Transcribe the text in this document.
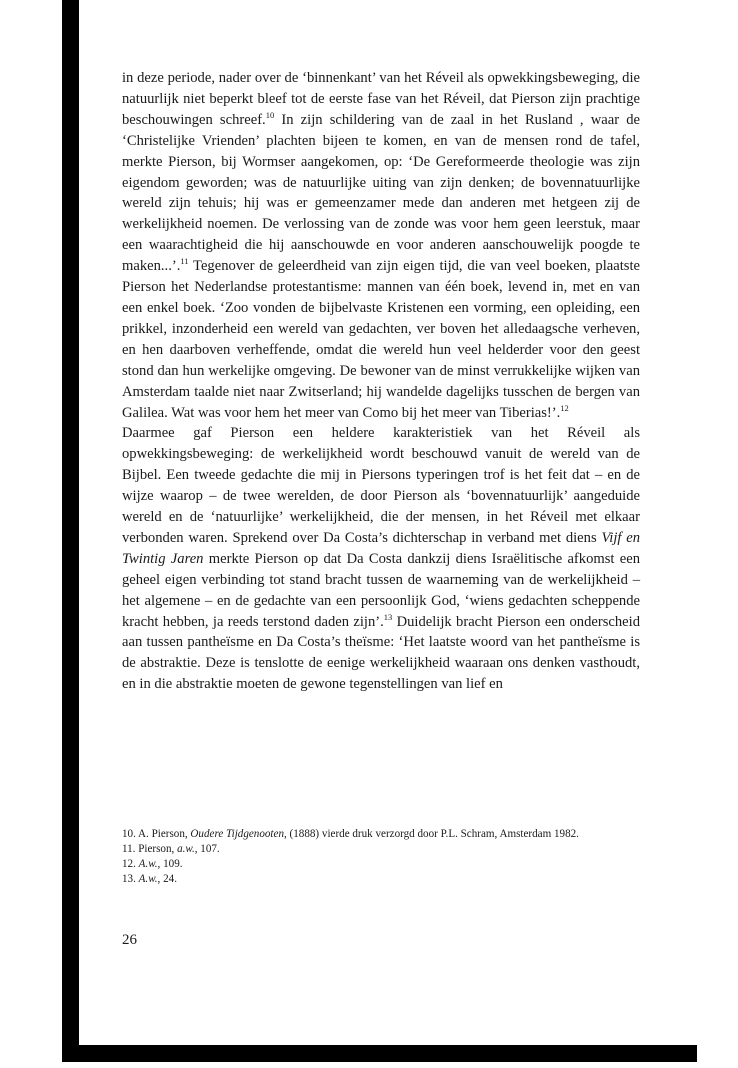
in deze periode, nader over de ‘binnenkant’ van het Réveil als opwekkingsbeweging, die natuurlijk niet beperkt bleef tot de eerste fase van het Réveil, dat Pierson zijn prachtige beschouwingen schreef.$^{10}$ In zijn schildering van de zaal in het Rusland , waar de ‘Christelijke Vrienden’ plachten bijeen te komen, en van de mensen rond de tafel, merkte Pierson, bij Wormser aangekomen, op: ‘De Gereformeerde theologie was zijn eigendom geworden; was de natuurlijke uiting van zijn denken; de bovennatuurlijke wereld zijn tehuis; hij was er gemeenzamer mede dan anderen met hetgeen zij de werkelijkheid noemen. De verlossing van de zonde was voor hem geen leerstuk, maar een waarachtigheid die hij aanschouwde en voor anderen aanschouwelijk poogde te maken...’.$^{11}$ Tegenover de geleerdheid van zijn eigen tijd, die van veel boeken, plaatste Pierson het Nederlandse protestantisme: mannen van één boek, levend in, met en van een enkel boek. ‘Zoo vonden de bijbelvaste Kristenen een vorming, een opleiding, een prikkel, inzonderheid een wereld van gedachten, ver boven het alledaagsche verheven, en hen daarboven verheffende, omdat die wereld hun veel helderder voor den geest stond dan hun werkelijke omgeving. De bewoner van de minst verrukkelijke wijken van Amsterdam taalde niet naar Zwitserland; hij wandelde dagelijks tusschen de bergen van Galilea. Wat was voor hem het meer van Como bij het meer van Tiberias!’.$^{12}$

Daarmee gaf Pierson een heldere karakteristiek van het Réveil als opwekkingsbeweging: de werkelijkheid wordt beschouwd vanuit de wereld van de Bijbel. Een tweede gedachte die mij in Piersons typeringen trof is het feit dat – en de wijze waarop – de twee werelden, de door Pierson als ‘bovennatuurlijk’ aangeduide wereld en de ‘natuurlijke’ werkelijkheid, die der mensen, in het Réveil met elkaar verbonden waren. Sprekend over Da Costa’s dichterschap in verband met diens Vijf en Twintig Jaren merkte Pierson op dat Da Costa dankzij diens Israëlitische afkomst een geheel eigen verbinding tot stand bracht tussen de waarneming van de werkelijkheid – het algemene – en de gedachte van een persoonlijk God, ‘wiens gedachten scheppende kracht hebben, ja reeds terstond daden zijn’.$^{13}$ Duidelijk bracht Pierson een onderscheid aan tussen pantheïsme en Da Costa’s theïsme: ‘Het laatste woord van het pantheïsme is de abstraktie. Deze is tenslotte de eenige werkelijkheid waaraan ons denken vasthoudt, en in die abstraktie moeten de gewone tegenstellingen van lief en

10. A. Pierson, Oudere Tijdgenooten, (1888) vierde druk verzorgd door P.L. Schram, Amsterdam 1982.
11. Pierson, a.w., 107.
12. A.w., 109.
13. A.w., 24.
26
